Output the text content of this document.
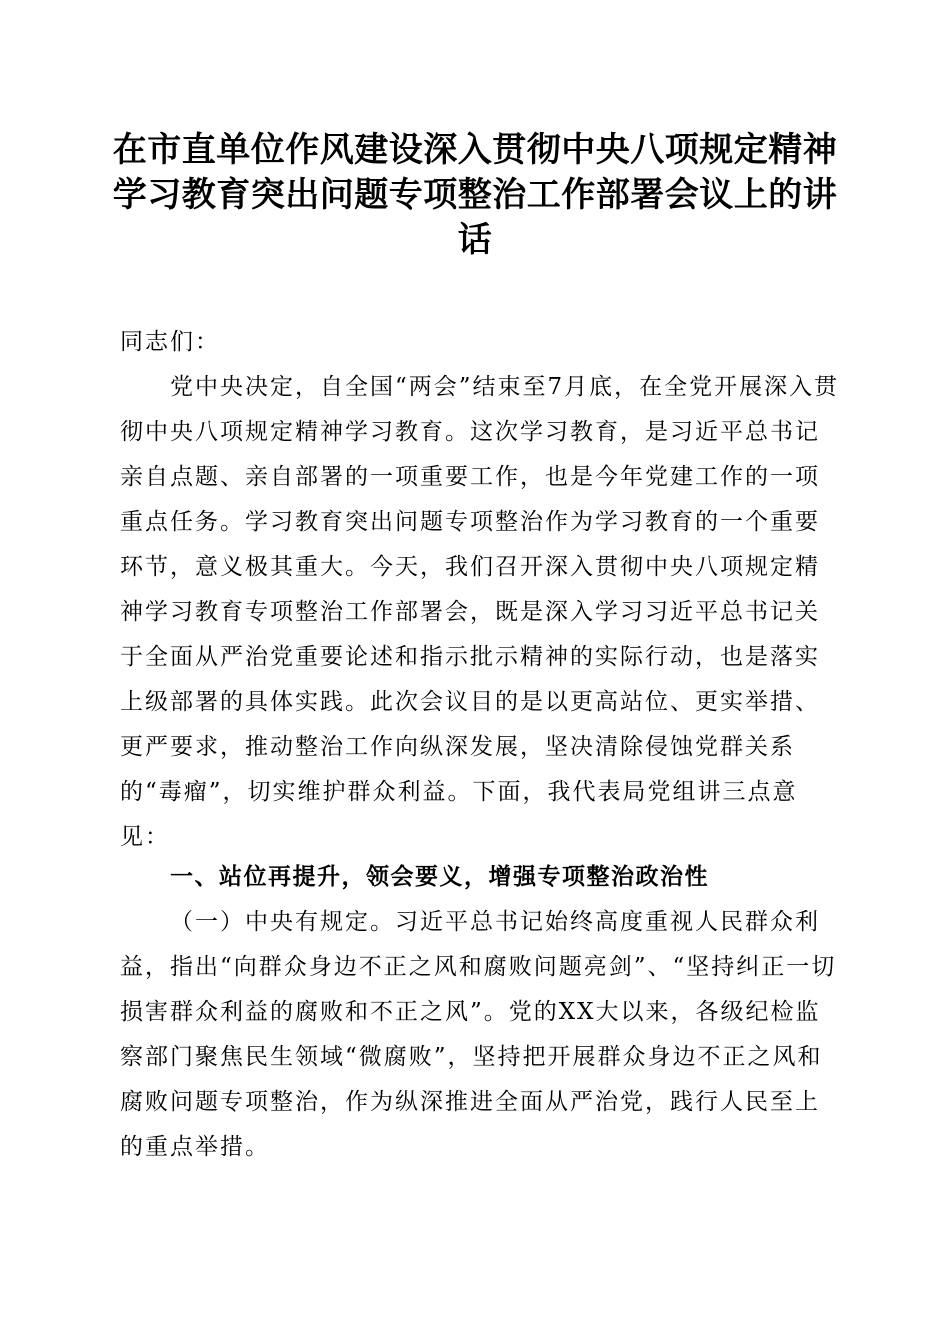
在市直单位作风建设深入贯彻中央八项规定精神学习教育突出问题专项整治工作部署会议上的讲话

同志们：

党中央决定，自全国“两会”结束至7月底，在全党开展深入贯彻中央八项规定精神学习教育。这次学习教育，是习近平总书记亲自点题、亲自部署的一项重要工作，也是今年党建工作的一项重点任务。学习教育突出问题专项整治作为学习教育的一个重要环节，意义极其重大。今天，我们召开深入贯彻中央八项规定精神学习教育专项整治工作部署会，既是深入学习习近平总书记关于全面从严治党重要论述和指示批示精神的实际行动，也是落实上级部署的具体实践。此次会议目的是以更高站位、更实举措、更严要求，推动整治工作向纵深发展，坚决清除侵蚀党群关系的“毒瘤”，切实维护群众利益。下面，我代表局党组讲三点意见：

一、站位再提升，领会要义，增强专项整治政治性

（一）中央有规定。习近平总书记始终高度重视人民群众利益，指出“向群众身边不正之风和腐败问题亮剑”、“坚持纠正一切损害群众利益的腐败和不正之风”。党的XX大以来，各级纪检监察部门聚焦民生领域“微腐败”，坚持把开展群众身边不正之风和腐败问题专项整治，作为纵深推进全面从严治党，践行人民至上的重点举措。
